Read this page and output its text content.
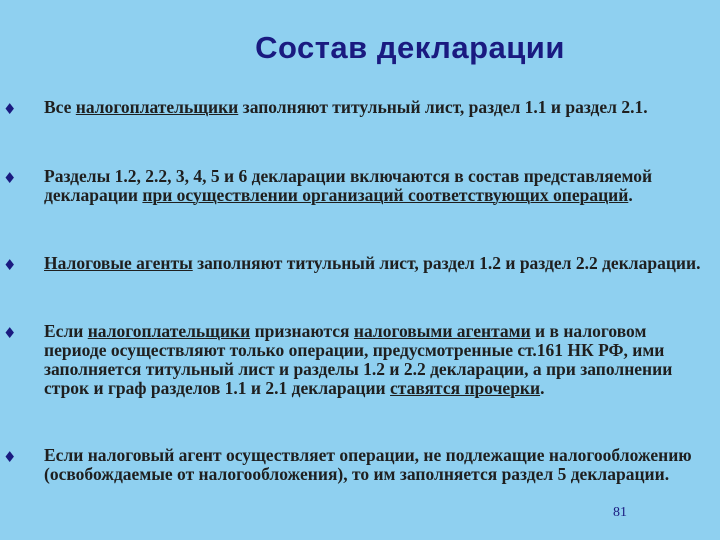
Состав декларации
♦ Все налогоплательщики заполняют титульный лист, раздел 1.1 и раздел 2.1.
♦ Разделы 1.2, 2.2, 3, 4, 5 и 6 декларации включаются в состав представляемой декларации при осуществлении организаций соответствующих операций.
♦ Налоговые агенты заполняют титульный лист, раздел 1.2 и раздел 2.2 декларации.
♦ Если налогоплательщики признаются налоговыми агентами и в налоговом периоде осуществляют только операции, предусмотренные ст.161 НК РФ, ими заполняется титульный лист и разделы 1.2 и 2.2 декларации, а при заполнении строк и граф разделов 1.1 и 2.1 декларации ставятся прочерки.
♦ Если налоговый агент осуществляет операции, не подлежащие налогообложению (освобождаемые от налогообложения), то им заполняется раздел 5 декларации.
81
